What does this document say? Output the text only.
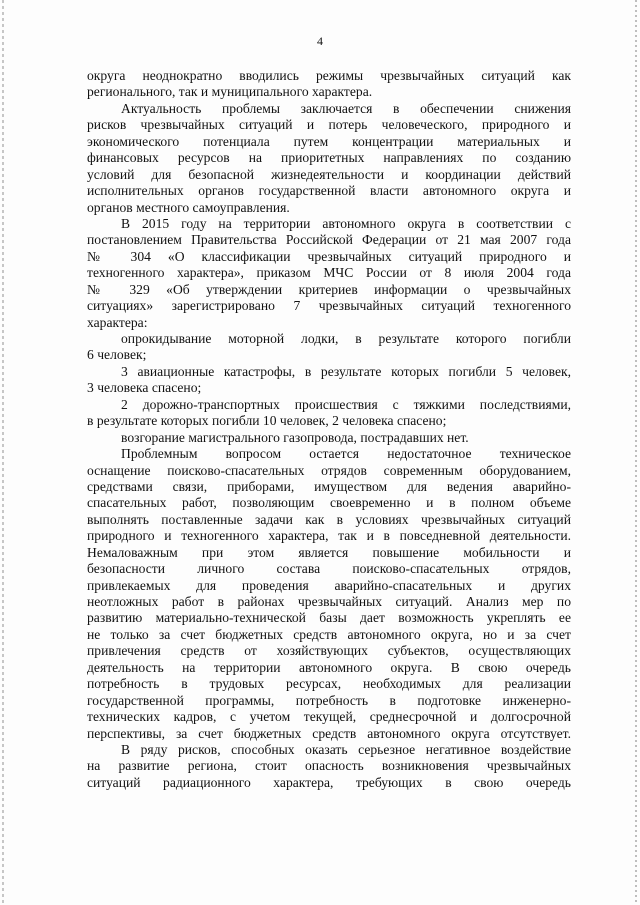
4
округа неоднократно вводились режимы чрезвычайных ситуаций как
регионального, так и муниципального характера.
Актуальность проблемы заключается в обеспечении снижения
рисков чрезвычайных ситуаций и потерь человеческого, природного и
экономического потенциала путем концентрации материальных и
финансовых ресурсов на приоритетных направлениях по созданию
условий для безопасной жизнедеятельности и координации действий
исполнительных органов государственной власти автономного округа и
органов местного самоуправления.
В 2015 году на территории автономного округа в соответствии с
постановлением Правительства Российской Федерации от 21 мая 2007 года
№ 304 «О классификации чрезвычайных ситуаций природного и
техногенного характера», приказом МЧС России от 8 июля 2004 года
№ 329 «Об утверждении критериев информации о чрезвычайных
ситуациях» зарегистрировано 7 чрезвычайных ситуаций техногенного
характера:
опрокидывание моторной лодки, в результате которого погибли
6 человек;
3 авиационные катастрофы, в результате которых погибли 5 человек,
3 человека спасено;
2 дорожно-транспортных происшествия с тяжкими последствиями,
в результате которых погибли 10 человек, 2 человека спасено;
возгорание магистрального газопровода, пострадавших нет.
Проблемным вопросом остается недостаточное техническое
оснащение поисково-спасательных отрядов современным оборудованием,
средствами связи, приборами, имуществом для ведения аварийно-
спасательных работ, позволяющим своевременно и в полном объеме
выполнять поставленные задачи как в условиях чрезвычайных ситуаций
природного и техногенного характера, так и в повседневной деятельности.
Немаловажным при этом является повышение мобильности и
безопасности личного состава поисково-спасательных отрядов,
привлекаемых для проведения аварийно-спасательных и других
неотложных работ в районах чрезвычайных ситуаций. Анализ мер по
развитию материально-технической базы дает возможность укреплять ее
не только за счет бюджетных средств автономного округа, но и за счет
привлечения средств от хозяйствующих субъектов, осуществляющих
деятельность на территории автономного округа. В свою очередь
потребность в трудовых ресурсах, необходимых для реализации
государственной программы, потребность в подготовке инженерно-
технических кадров, с учетом текущей, среднесрочной и долгосрочной
перспективы, за счет бюджетных средств автономного округа отсутствует.
В ряду рисков, способных оказать серьезное негативное воздействие
на развитие региона, стоит опасность возникновения чрезвычайных
ситуаций радиационного характера, требующих в свою очередь
